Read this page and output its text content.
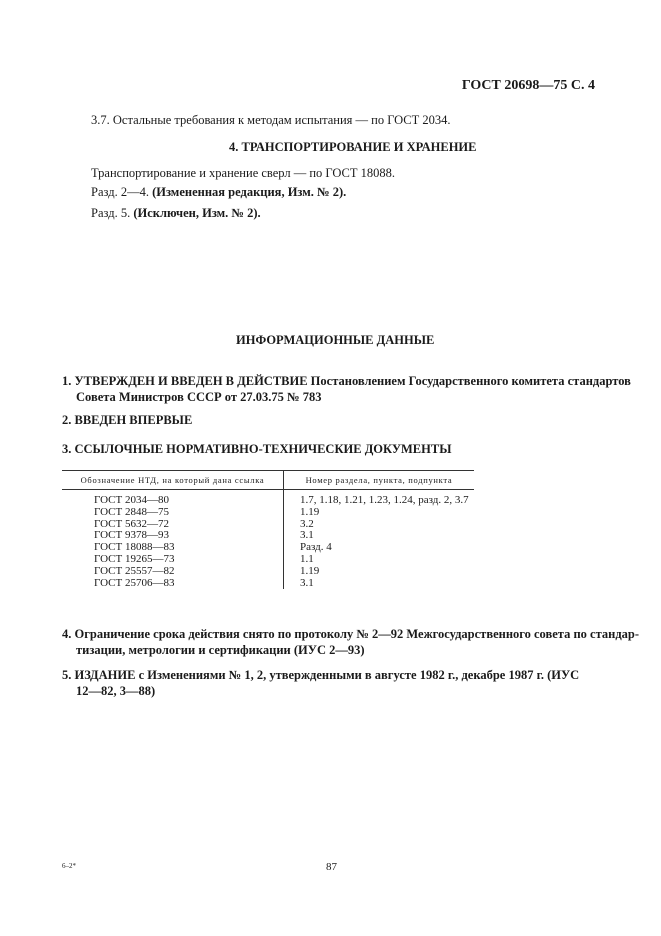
ГОСТ 20698—75 С. 4
3.7. Остальные требования к методам испытания — по ГОСТ 2034.
4. ТРАНСПОРТИРОВАНИЕ И ХРАНЕНИЕ
Транспортирование и хранение сверл — по ГОСТ 18088.
Разд. 2—4. (Измененная редакция, Изм. № 2).
Разд. 5. (Исключен, Изм. № 2).
ИНФОРМАЦИОННЫЕ ДАННЫЕ
1. УТВЕРЖДЕН И ВВЕДЕН В ДЕЙСТВИЕ Постановлением Государственного комитета стандартов
Совета Министров СССР от 27.03.75 № 783
2. ВВЕДЕН ВПЕРВЫЕ
3. ССЫЛОЧНЫЕ НОРМАТИВНО-ТЕХНИЧЕСКИЕ ДОКУМЕНТЫ
Обозначение НТД, на который дана ссылка	Номер раздела, пункта, подпункта
ГОСТ 2034—80	1.7, 1.18, 1.21, 1.23, 1.24, разд. 2, 3.7
ГОСТ 2848—75	1.19
ГОСТ 5632—72	3.2
ГОСТ 9378—93	3.1
ГОСТ 18088—83	Разд. 4
ГОСТ 19265—73	1.1
ГОСТ 25557—82	1.19
ГОСТ 25706—83	3.1
4. Ограничение срока действия снято по протоколу № 2—92 Межгосударственного совета по стандар-
тизации, метрологии и сертификации (ИУС 2—93)
5. ИЗДАНИЕ с Изменениями № 1, 2, утвержденными в августе 1982 г., декабре 1987 г. (ИУС
12—82, 3—88)
6–2*	87
